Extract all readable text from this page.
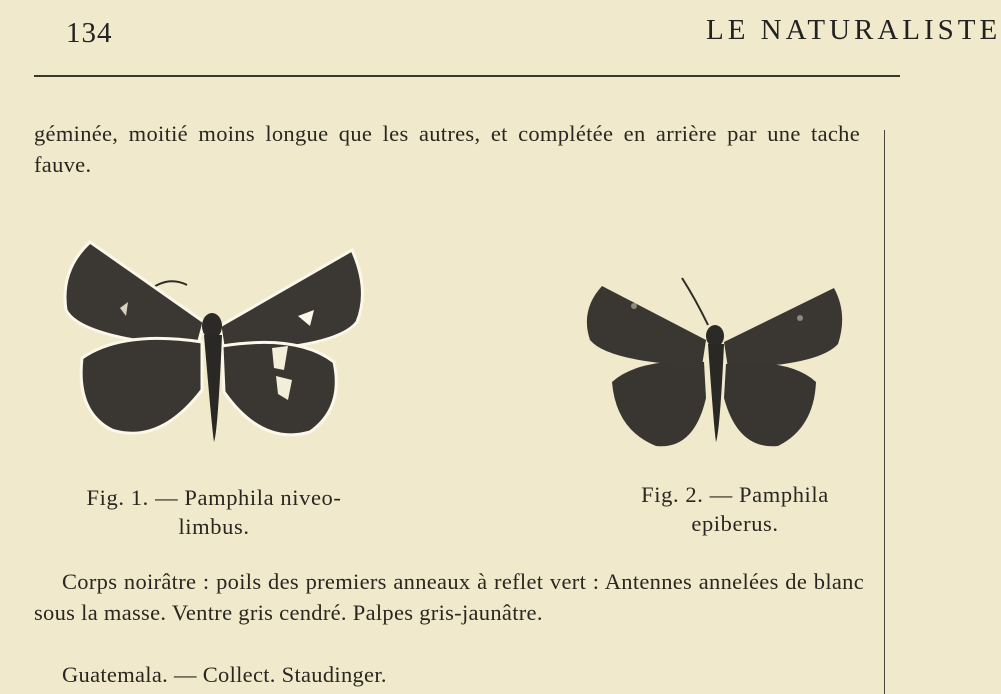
134	LE NATURALISTE

géminée, moitié moins longue que les autres, et complétée en arrière par une tache fauve.

Fig. 1. — Pamphila niveo-
limbus.
Fig. 2. — Pamphila
epiberus.

Corps noirâtre : poils des premiers anneaux à reflet vert : Antennes annelées de blanc sous la masse. Ventre gris cendré. Palpes gris-jaunâtre.

Guatemala. — Collect. Staudinger.
